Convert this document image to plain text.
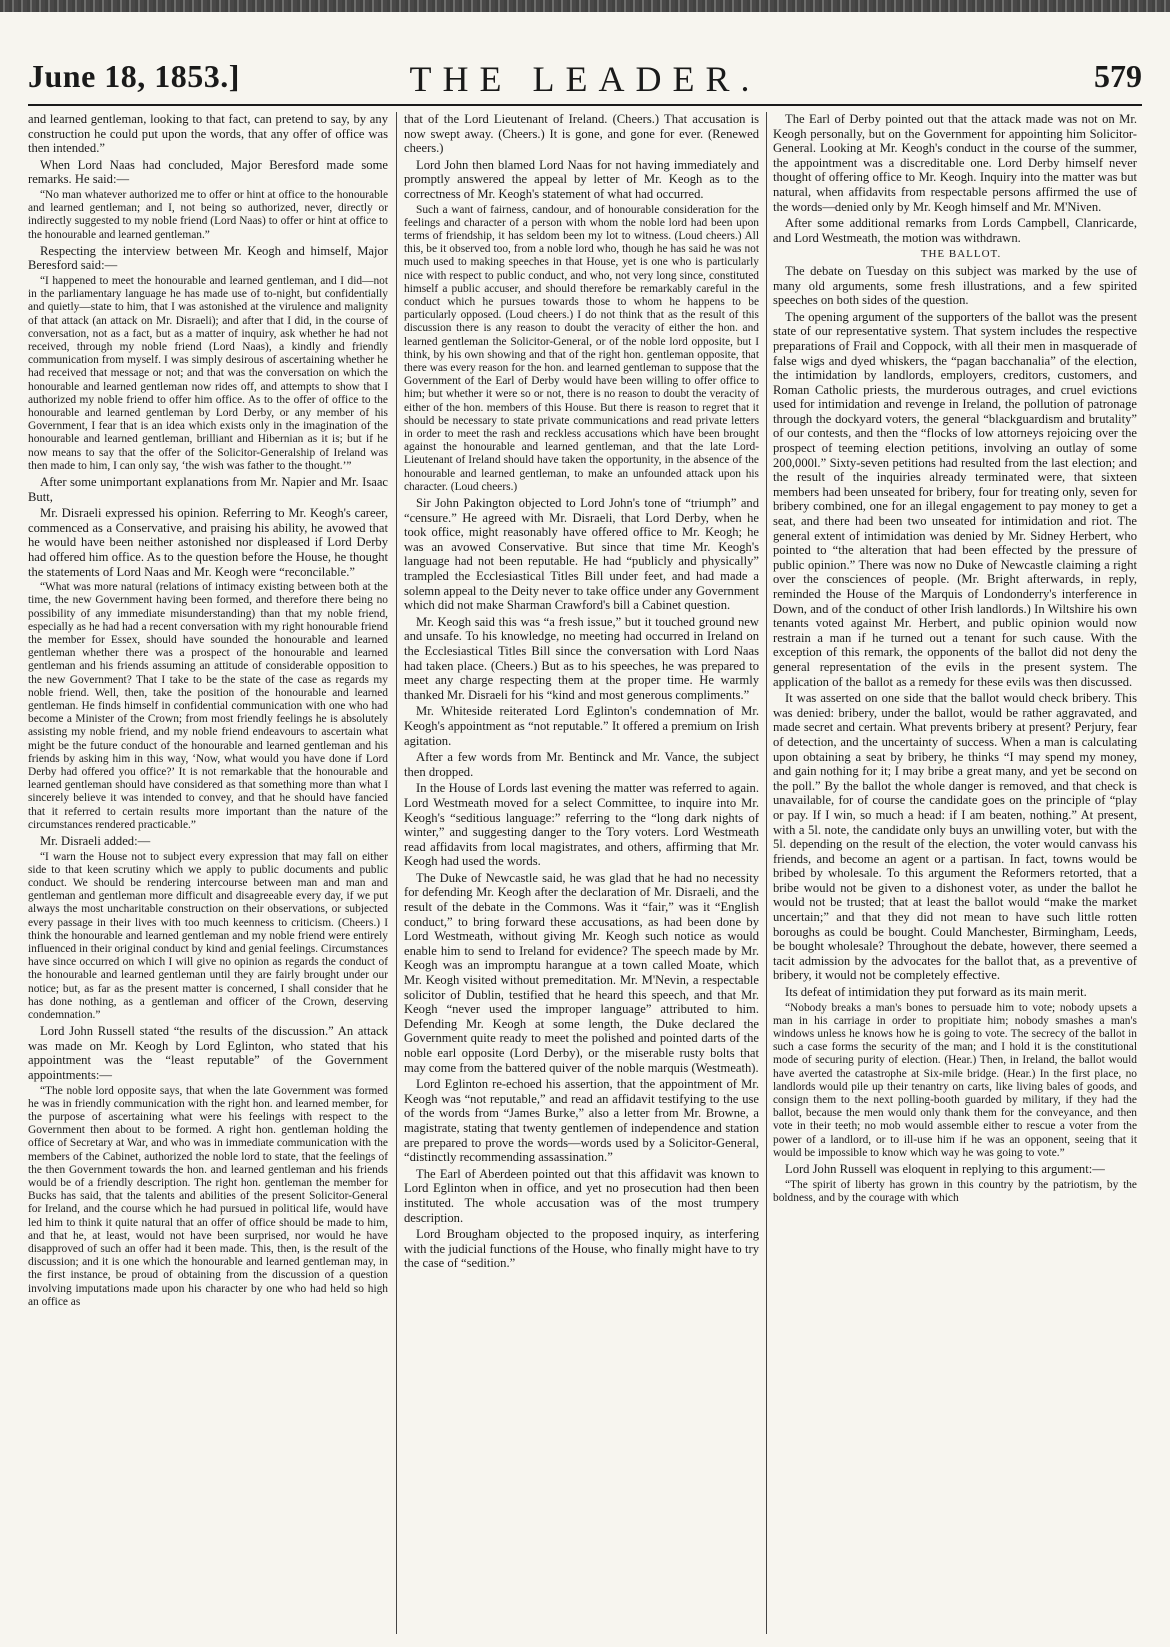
June 18, 1853.]	THE LEADER.	579

and learned gentleman, looking to that fact, can pretend to say, by any construction he could put upon the words, that any offer of office was then intended.”

When Lord Naas had concluded, Major Beresford made some remarks. He said:—

“No man whatever authorized me to offer or hint at office to the honourable and learned gentleman; and I, not being so authorized, never, directly or indirectly suggested to my noble friend (Lord Naas) to offer or hint at office to the honourable and learned gentleman.”

Respecting the interview between Mr. Keogh and himself, Major Beresford said:—

“I happened to meet the honourable and learned gentleman, and I did—not in the parliamentary language he has made use of to-night, but confidentially and quietly—state to him, that I was astonished at the virulence and malignity of that attack (an attack on Mr. Disraeli); and after that I did, in the course of conversation, not as a fact, but as a matter of inquiry, ask whether he had not received, through my noble friend (Lord Naas), a kindly and friendly communication from myself. I was simply desirous of ascertaining whether he had received that message or not; and that was the conversation on which the honourable and learned gentleman now rides off, and attempts to show that I authorized my noble friend to offer him office. As to the offer of office to the honourable and learned gentleman by Lord Derby, or any member of his Government, I fear that is an idea which exists only in the imagination of the honourable and learned gentleman, brilliant and Hibernian as it is; but if he now means to say that the offer of the Solicitor-Generalship of Ireland was then made to him, I can only say, ‘the wish was father to the thought.’”

After some unimportant explanations from Mr. Napier and Mr. Isaac Butt,

Mr. Disraeli expressed his opinion. Referring to Mr. Keogh's career, commenced as a Conservative, and praising his ability, he avowed that he would have been neither astonished nor displeased if Lord Derby had offered him office. As to the question before the House, he thought the statements of Lord Naas and Mr. Keogh were “reconcilable.”

“What was more natural (relations of intimacy existing between both at the time, the new Government having been formed, and therefore there being no possibility of any immediate misunderstanding) than that my noble friend, especially as he had had a recent conversation with my right honourable friend the member for Essex, should have sounded the honourable and learned gentleman whether there was a prospect of the honourable and learned gentleman and his friends assuming an attitude of considerable opposition to the new Government? That I take to be the state of the case as regards my noble friend. Well, then, take the position of the honourable and learned gentleman. He finds himself in confidential communication with one who had become a Minister of the Crown; from most friendly feelings he is absolutely assisting my noble friend, and my noble friend endeavours to ascertain what might be the future conduct of the honourable and learned gentleman and his friends by asking him in this way, ‘Now, what would you have done if Lord Derby had offered you office?’ It is not remarkable that the honourable and learned gentleman should have considered as that something more than what I sincerely believe it was intended to convey, and that he should have fancied that it referred to certain results more important than the nature of the circumstances rendered practicable.”

Mr. Disraeli added:—

“I warn the House not to subject every expression that may fall on either side to that keen scrutiny which we apply to public documents and public conduct. We should be rendering intercourse between man and man and gentleman and gentleman more difficult and disagreeable every day, if we put always the most uncharitable construction on their observations, or subjected every passage in their lives with too much keenness to criticism. (Cheers.) I think the honourable and learned gentleman and my noble friend were entirely influenced in their original conduct by kind and genial feelings. Circumstances have since occurred on which I will give no opinion as regards the conduct of the honourable and learned gentleman until they are fairly brought under our notice; but, as far as the present matter is concerned, I shall consider that he has done nothing, as a gentleman and officer of the Crown, deserving condemnation.”

Lord John Russell stated “the results of the discussion.” An attack was made on Mr. Keogh by Lord Eglinton, who stated that his appointment was the “least reputable” of the Government appointments:—

“The noble lord opposite says, that when the late Government was formed he was in friendly communication with the right hon. and learned member, for the purpose of ascertaining what were his feelings with respect to the Government then about to be formed. A right hon. gentleman holding the office of Secretary at War, and who was in immediate communication with the members of the Cabinet, authorized the noble lord to state, that the feelings of the then Government towards the hon. and learned gentleman and his friends would be of a friendly description. The right hon. gentleman the member for Bucks has said, that the talents and abilities of the present Solicitor-General for Ireland, and the course which he had pursued in political life, would have led him to think it quite natural that an offer of office should be made to him, and that he, at least, would not have been surprised, nor would he have disapproved of such an offer had it been made. This, then, is the result of the discussion; and it is one which the honourable and learned gentleman may, in the first instance, be proud of obtaining from the discussion of a question involving imputations made upon his character by one who had held so high an office as

that of the Lord Lieutenant of Ireland. (Cheers.) That accusation is now swept away. (Cheers.) It is gone, and gone for ever. (Renewed cheers.)

Lord John then blamed Lord Naas for not having immediately and promptly answered the appeal by letter of Mr. Keogh as to the correctness of Mr. Keogh's statement of what had occurred.

Such a want of fairness, candour, and of honourable consideration for the feelings and character of a person with whom the noble lord had been upon terms of friendship, it has seldom been my lot to witness. (Loud cheers.) All this, be it observed too, from a noble lord who, though he has said he was not much used to making speeches in that House, yet is one who is particularly nice with respect to public conduct, and who, not very long since, constituted himself a public accuser, and should therefore be remarkably careful in the conduct which he pursues towards those to whom he happens to be particularly opposed. (Loud cheers.) I do not think that as the result of this discussion there is any reason to doubt the veracity of either the hon. and learned gentleman the Solicitor-General, or of the noble lord opposite, but I think, by his own showing and that of the right hon. gentleman opposite, that there was every reason for the hon. and learned gentleman to suppose that the Government of the Earl of Derby would have been willing to offer office to him; but whether it were so or not, there is no reason to doubt the veracity of either of the hon. members of this House. But there is reason to regret that it should be necessary to state private communications and read private letters in order to meet the rash and reckless accusations which have been brought against the honourable and learned gentleman, and that the late Lord-Lieutenant of Ireland should have taken the opportunity, in the absence of the honourable and learned gentleman, to make an unfounded attack upon his character. (Loud cheers.)

Sir John Pakington objected to Lord John's tone of “triumph” and “censure.” He agreed with Mr. Disraeli, that Lord Derby, when he took office, might reasonably have offered office to Mr. Keogh; he was an avowed Conservative. But since that time Mr. Keogh's language had not been reputable. He had “publicly and physically” trampled the Ecclesiastical Titles Bill under feet, and had made a solemn appeal to the Deity never to take office under any Government which did not make Sharman Crawford's bill a Cabinet question.

Mr. Keogh said this was “a fresh issue,” but it touched ground new and unsafe. To his knowledge, no meeting had occurred in Ireland on the Ecclesiastical Titles Bill since the conversation with Lord Naas had taken place. (Cheers.) But as to his speeches, he was prepared to meet any charge respecting them at the proper time. He warmly thanked Mr. Disraeli for his “kind and most generous compliments.”

Mr. Whiteside reiterated Lord Eglinton's condemnation of Mr. Keogh's appointment as “not reputable.” It offered a premium on Irish agitation.

After a few words from Mr. Bentinck and Mr. Vance, the subject then dropped.

In the House of Lords last evening the matter was referred to again. Lord Westmeath moved for a select Committee, to inquire into Mr. Keogh's “seditious language:” referring to the “long dark nights of winter,” and suggesting danger to the Tory voters. Lord Westmeath read affidavits from local magistrates, and others, affirming that Mr. Keogh had used the words.

The Duke of Newcastle said, he was glad that he had no necessity for defending Mr. Keogh after the declaration of Mr. Disraeli, and the result of the debate in the Commons. Was it “fair,” was it “English conduct,” to bring forward these accusations, as had been done by Lord Westmeath, without giving Mr. Keogh such notice as would enable him to send to Ireland for evidence? The speech made by Mr. Keogh was an impromptu harangue at a town called Moate, which Mr. Keogh visited without premeditation. Mr. M'Nevin, a respectable solicitor of Dublin, testified that he heard this speech, and that Mr. Keogh “never used the improper language” attributed to him. Defending Mr. Keogh at some length, the Duke declared the Government quite ready to meet the polished and pointed darts of the noble earl opposite (Lord Derby), or the miserable rusty bolts that may come from the battered quiver of the noble marquis (Westmeath).

Lord Eglinton re-echoed his assertion, that the appointment of Mr. Keogh was “not reputable,” and read an affidavit testifying to the use of the words from “James Burke,” also a letter from Mr. Browne, a magistrate, stating that twenty gentlemen of independence and station are prepared to prove the words—words used by a Solicitor-General, “distinctly recommending assassination.”

The Earl of Aberdeen pointed out that this affidavit was known to Lord Eglinton when in office, and yet no prosecution had then been instituted. The whole accusation was of the most trumpery description.

Lord Brougham objected to the proposed inquiry, as interfering with the judicial functions of the House, who finally might have to try the case of “sedition.”

The Earl of Derby pointed out that the attack made was not on Mr. Keogh personally, but on the Government for appointing him Solicitor-General. Looking at Mr. Keogh's conduct in the course of the summer, the appointment was a discreditable one. Lord Derby himself never thought of offering office to Mr. Keogh. Inquiry into the matter was but natural, when affidavits from respectable persons affirmed the use of the words—denied only by Mr. Keogh himself and Mr. M'Niven.

After some additional remarks from Lords Campbell, Clanricarde, and Lord Westmeath, the motion was withdrawn.

THE BALLOT.

The debate on Tuesday on this subject was marked by the use of many old arguments, some fresh illustrations, and a few spirited speeches on both sides of the question.

The opening argument of the supporters of the ballot was the present state of our representative system. That system includes the respective preparations of Frail and Coppock, with all their men in masquerade of false wigs and dyed whiskers, the “pagan bacchanalia” of the election, the intimidation by landlords, employers, creditors, customers, and Roman Catholic priests, the murderous outrages, and cruel evictions used for intimidation and revenge in Ireland, the pollution of patronage through the dockyard voters, the general “blackguardism and brutality” of our contests, and then the “flocks of low attorneys rejoicing over the prospect of teeming election petitions, involving an outlay of some 200,000l.” Sixty-seven petitions had resulted from the last election; and the result of the inquiries already terminated were, that sixteen members had been unseated for bribery, four for treating only, seven for bribery combined, one for an illegal engagement to pay money to get a seat, and there had been two unseated for intimidation and riot. The general extent of intimidation was denied by Mr. Sidney Herbert, who pointed to “the alteration that had been effected by the pressure of public opinion.” There was now no Duke of Newcastle claiming a right over the consciences of people. (Mr. Bright afterwards, in reply, reminded the House of the Marquis of Londonderry's interference in Down, and of the conduct of other Irish landlords.) In Wiltshire his own tenants voted against Mr. Herbert, and public opinion would now restrain a man if he turned out a tenant for such cause. With the exception of this remark, the opponents of the ballot did not deny the general representation of the evils in the present system. The application of the ballot as a remedy for these evils was then discussed.

It was asserted on one side that the ballot would check bribery. This was denied: bribery, under the ballot, would be rather aggravated, and made secret and certain. What prevents bribery at present? Perjury, fear of detection, and the uncertainty of success. When a man is calculating upon obtaining a seat by bribery, he thinks “I may spend my money, and gain nothing for it; I may bribe a great many, and yet be second on the poll.” By the ballot the whole danger is removed, and that check is unavailable, for of course the candidate goes on the principle of “play or pay. If I win, so much a head: if I am beaten, nothing.” At present, with a 5l. note, the candidate only buys an unwilling voter, but with the 5l. depending on the result of the election, the voter would canvass his friends, and become an agent or a partisan. In fact, towns would be bribed by wholesale. To this argument the Reformers retorted, that a bribe would not be given to a dishonest voter, as under the ballot he would not be trusted; that at least the ballot would “make the market uncertain;” and that they did not mean to have such little rotten boroughs as could be bought. Could Manchester, Birmingham, Leeds, be bought wholesale? Throughout the debate, however, there seemed a tacit admission by the advocates for the ballot that, as a preventive of bribery, it would not be completely effective.

Its defeat of intimidation they put forward as its main merit.

“Nobody breaks a man's bones to persuade him to vote; nobody upsets a man in his carriage in order to propitiate him; nobody smashes a man's windows unless he knows how he is going to vote. The secrecy of the ballot in such a case forms the security of the man; and I hold it is the constitutional mode of securing purity of election. (Hear.) Then, in Ireland, the ballot would have averted the catastrophe at Six-mile bridge. (Hear.) In the first place, no landlords would pile up their tenantry on carts, like living bales of goods, and consign them to the next polling-booth guarded by military, if they had the ballot, because the men would only thank them for the conveyance, and then vote in their teeth; no mob would assemble either to rescue a voter from the power of a landlord, or to ill-use him if he was an opponent, seeing that it would be impossible to know which way he was going to vote.”

Lord John Russell was eloquent in replying to this argument:—

“The spirit of liberty has grown in this country by the patriotism, by the boldness, and by the courage with which
